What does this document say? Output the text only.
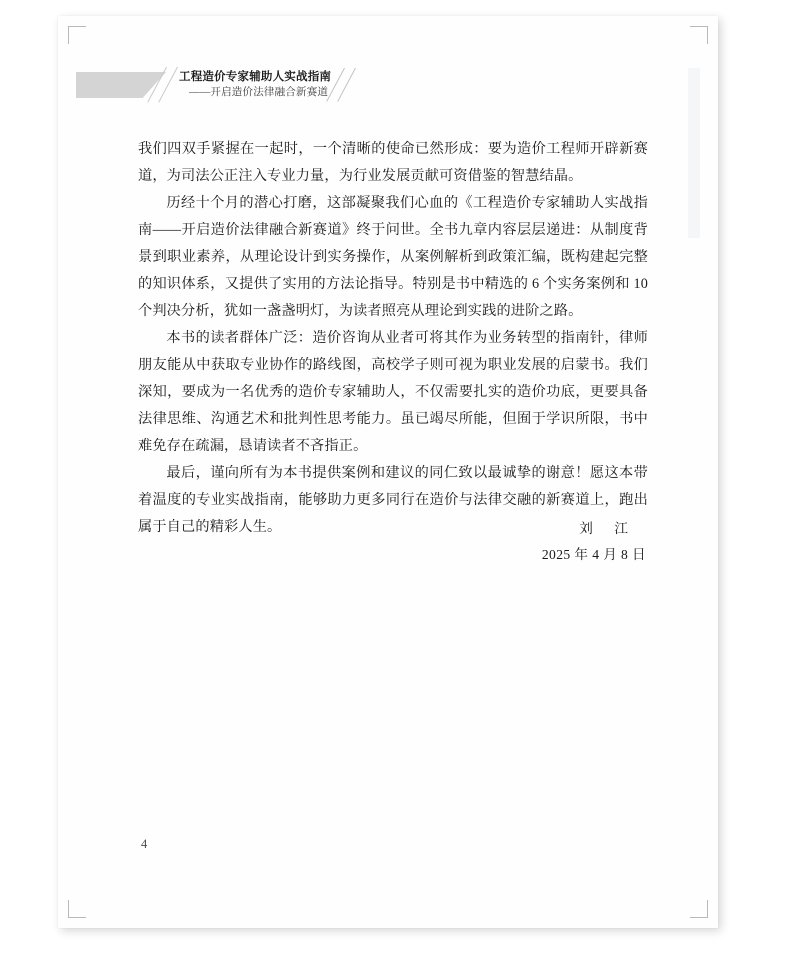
工程造价专家辅助人实战指南
——开启造价法律融合新赛道

我们四双手紧握在一起时，一个清晰的使命已然形成：要为造价工程师开辟新赛道，为司法公正注入专业力量，为行业发展贡献可资借鉴的智慧结晶。

历经十个月的潜心打磨，这部凝聚我们心血的《工程造价专家辅助人实战指南——开启造价法律融合新赛道》终于问世。全书九章内容层层递进：从制度背景到职业素养，从理论设计到实务操作，从案例解析到政策汇编，既构建起完整的知识体系，又提供了实用的方法论指导。特别是书中精选的 6 个实务案例和 10 个判决分析，犹如一盏盏明灯，为读者照亮从理论到实践的进阶之路。

本书的读者群体广泛：造价咨询从业者可将其作为业务转型的指南针，律师朋友能从中获取专业协作的路线图，高校学子则可视为职业发展的启蒙书。我们深知，要成为一名优秀的造价专家辅助人，不仅需要扎实的造价功底，更要具备法律思维、沟通艺术和批判性思考能力。虽已竭尽所能，但囿于学识所限，书中难免存在疏漏，恳请读者不吝指正。

最后，谨向所有为本书提供案例和建议的同仁致以最诚挚的谢意！愿这本带着温度的专业实战指南，能够助力更多同行在造价与法律交融的新赛道上，跑出属于自己的精彩人生。	刘　江
2025 年 4 月 8 日
4
